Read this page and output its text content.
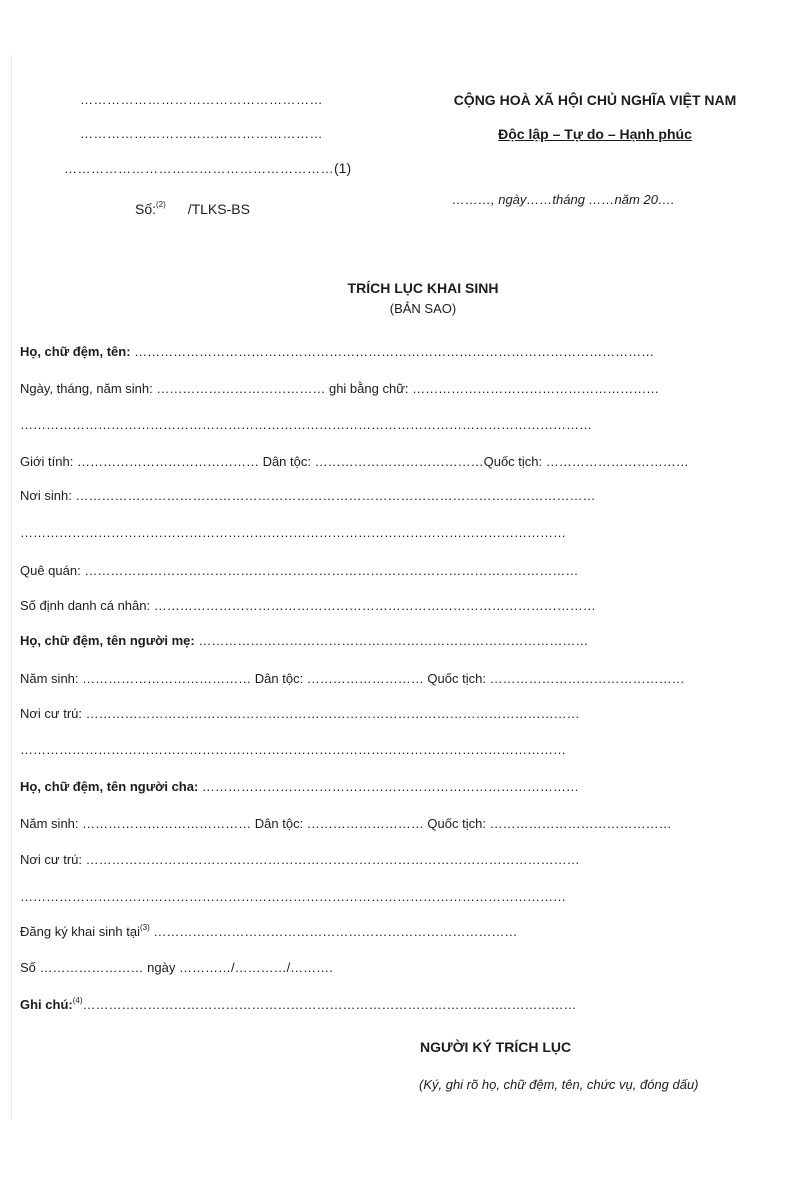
………………………………………………
………………………………………………
……………………………………………………(1)
Số:$^{(2)}$ /TLKS-BS
CỘNG HOÀ XÃ HỘI CHỦ NGHĨA VIỆT NAM
Độc lập – Tự do – Hạnh phúc
………, ngày……tháng ……năm 20….
TRÍCH LỤC KHAI SINH
(BẢN SAO)
Họ, chữ đệm, tên: …………………………………………………………………………………………………………
Ngày, tháng, năm sinh: ………………………………… ghi bằng chữ: …………………………………………………
……………………………………………………………………………………………………………………
Giới tính: …………………………………… Dân tộc: …………………………………Quốc tịch: ……………………………
Nơi sinh: …………………………………………………………………………………………………………
………………………………………………………………………………………………………………
Quê quán: ……………………………………………………………………………………………………
Số định danh cá nhân: …………………………………………………………………………………………
Họ, chữ đệm, tên người mẹ: ………………………………………………………………………………
Năm sinh: ………………………………… Dân tộc: ……………………… Quốc tịch: ………………………………………
Nơi cư trú: ……………………………………………………………………………………………………
………………………………………………………………………………………………………………
Họ, chữ đệm, tên người cha: ……………………………………………………………………………
Năm sinh: ………………………………… Dân tộc: ……………………… Quốc tịch: ……………………………………
Nơi cư trú: ……………………………………………………………………………………………………
………………………………………………………………………………………………………………
Đăng ký khai sinh tại$^{(3)}$ …………………………………………………………………………
Số …………………… ngày …………/…………/……….
Ghi chú:$^{(4)}$……………………………………………………………………………………………………
NGƯỜI KÝ TRÍCH LỤC
(Ký, ghi rõ họ, chữ đệm, tên, chức vụ, đóng dấu)
